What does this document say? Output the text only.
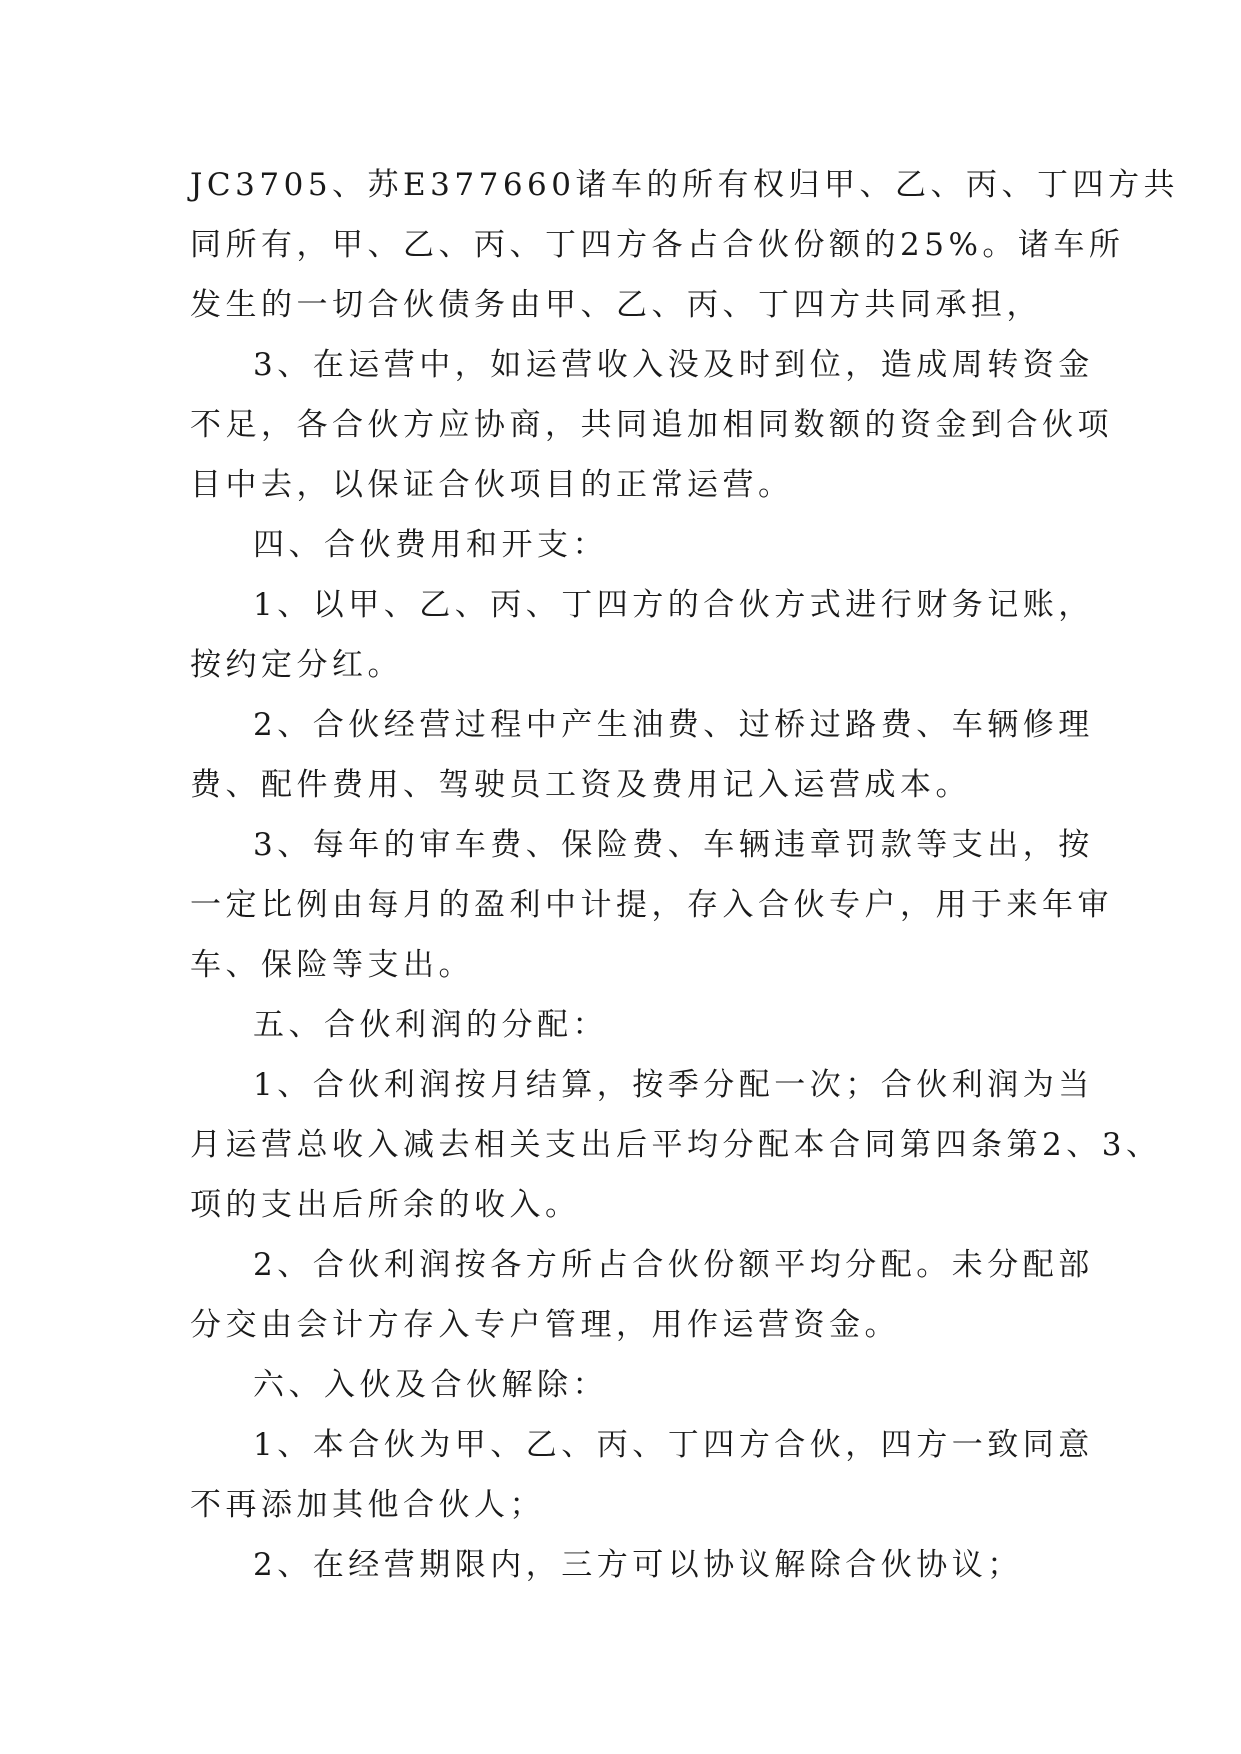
JC3705、苏E377660诸车的所有权归甲、乙、丙、丁四方共
同所有，甲、乙、丙、丁四方各占合伙份额的25%。诸车所
发生的一切合伙债务由甲、乙、丙、丁四方共同承担，
3、在运营中，如运营收入没及时到位，造成周转资金
不足，各合伙方应协商，共同追加相同数额的资金到合伙项
目中去，以保证合伙项目的正常运营。
四、合伙费用和开支：
1、以甲、乙、丙、丁四方的合伙方式进行财务记账，
按约定分红。
2、合伙经营过程中产生油费、过桥过路费、车辆修理
费、配件费用、驾驶员工资及费用记入运营成本。
3、每年的审车费、保险费、车辆违章罚款等支出，按
一定比例由每月的盈利中计提，存入合伙专户，用于来年审
车、保险等支出。
五、合伙利润的分配：
1、合伙利润按月结算，按季分配一次；合伙利润为当
月运营总收入减去相关支出后平均分配本合同第四条第2、3、
项的支出后所余的收入。
2、合伙利润按各方所占合伙份额平均分配。未分配部
分交由会计方存入专户管理，用作运营资金。
六、入伙及合伙解除：
1、本合伙为甲、乙、丙、丁四方合伙，四方一致同意
不再添加其他合伙人；
2、在经营期限内，三方可以协议解除合伙协议；
